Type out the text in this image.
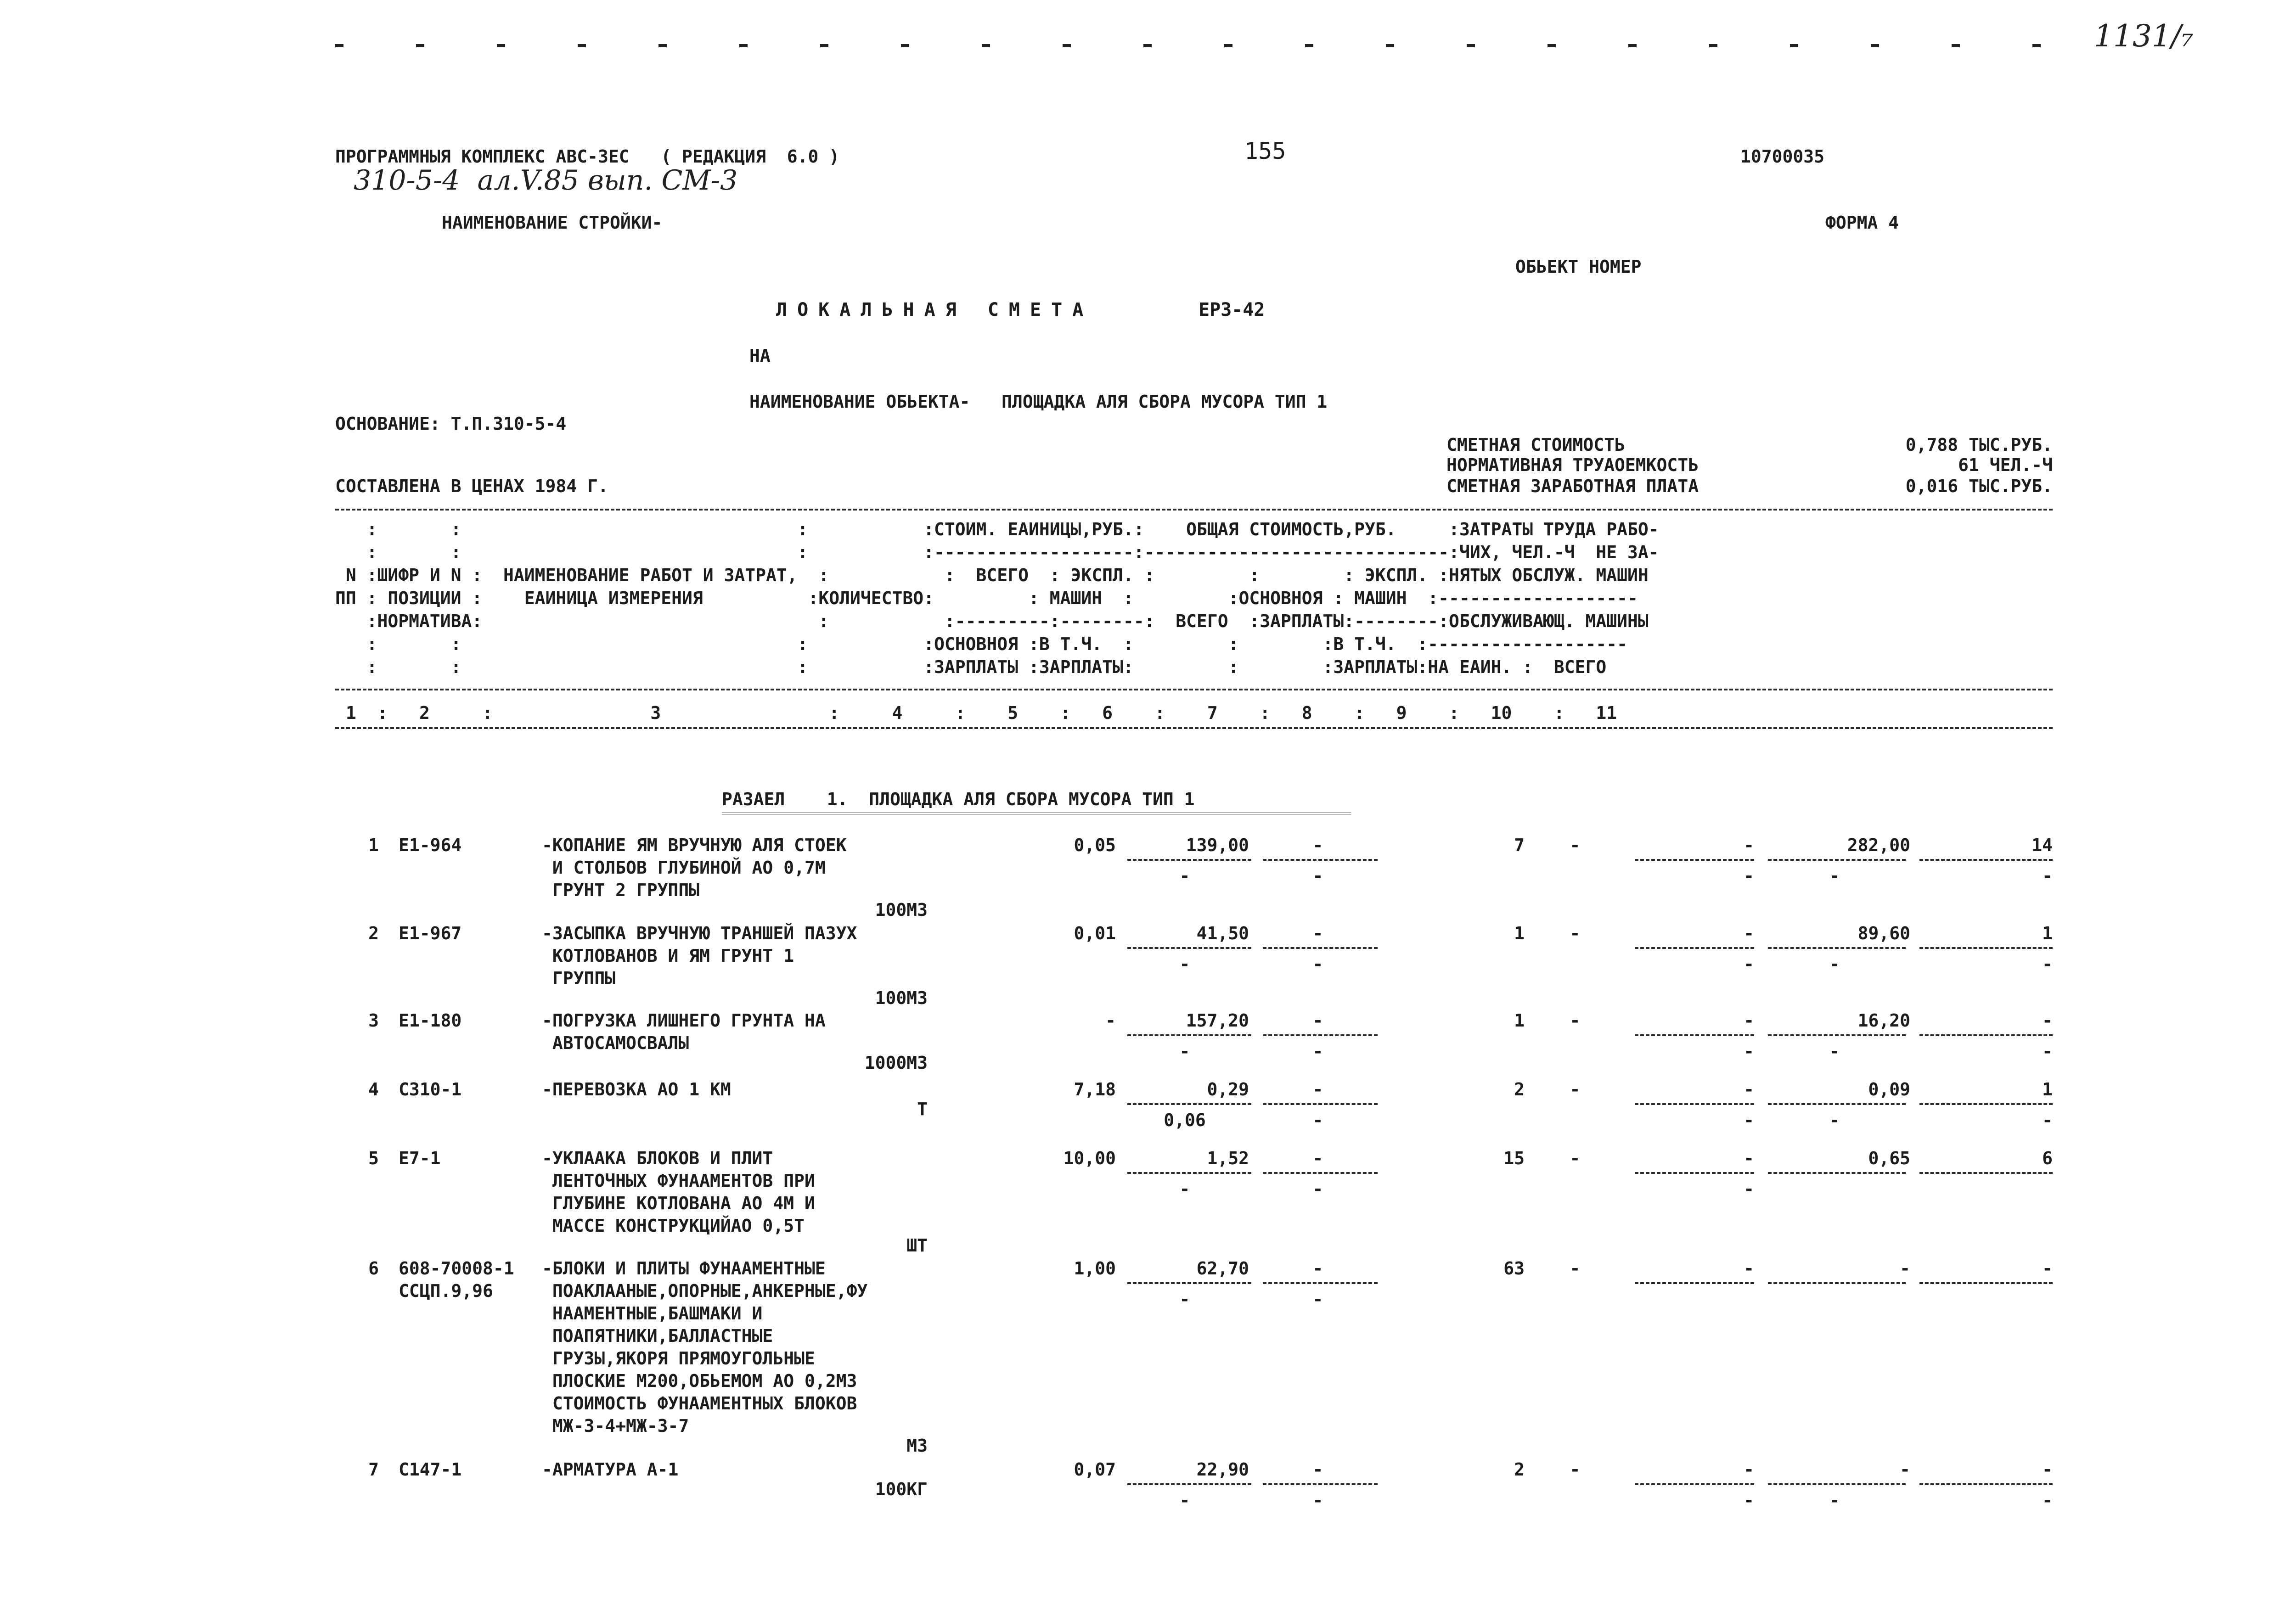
1131/₇
ПРОГРАММНЫЯ КОМПЛЕКС АВС-3ЕС   ( РЕДАКЦИЯ  6.0 )	155	10700035
310-5-4  ал.V.85 вып. СМ-3
НАИМЕНОВАНИЕ СТРОЙКИ-	ФОРМА 4
ОБЬЕКТ НОМЕР
ЛОКАЛЬНАЯ СМЕТА	ЕРЗ-42
НА
НАИМЕНОВАНИЕ ОБЬЕКТА-   ПЛОЩАДКА АЛЯ СБОРА МУСОРА ТИП 1
ОСНОВАНИЕ: Т.П.310-5-4
СМЕТНАЯ СТОИМОСТЬ	0,788 ТЫС.РУБ.
НОРМАТИВНАЯ ТРУАОЕМКОСТЬ	61 ЧЕЛ.-Ч
СМЕТНАЯ ЗАРАБОТНАЯ ПЛАТА	0,016 ТЫС.РУБ.
СОСТАВЛЕНА В ЦЕНАХ 1984 Г.
:       :                                :           :СТОИМ. ЕАИНИЦЫ,РУБ.:    ОБЩАЯ СТОИМОСТЬ,РУБ.     :ЗАТРАТЫ ТРУДА РАБО-
:       :                                :           :-------------------:-----------------------------:ЧИХ, ЧЕЛ.-Ч  НЕ ЗА-
N :ШИФР И N :  НАИМЕНОВАНИЕ РАБОТ И ЗАТРАТ,  :           :  ВСЕГО  : ЭКСПЛ. :         :        : ЭКСПЛ. :НЯТЫХ ОБСЛУЖ. МАШИН
ПП : ПОЗИЦИИ :    ЕАИНИЦА ИЗМЕРЕНИЯ          :КОЛИЧЕСТВО:         : МАШИН  :         :ОСНОВНОЯ : МАШИН  :-------------------
:НОРМАТИВА:                                :           :---------:--------:  ВСЕГО  :ЗАРПЛАТЫ:--------:ОБСЛУЖИВАЮЩ. МАШИНЫ
:       :                                :           :ОСНОВНОЯ :В Т.Ч.  :         :        :В Т.Ч.  :-------------------
:       :                                :           :ЗАРПЛАТЫ :ЗАРПЛАТЫ:         :        :ЗАРПЛАТЫ:НА ЕАИН. :  ВСЕГО
1  :   2     :               3                :     4     :    5    :   6    :    7    :   8    :   9    :   10    :   11
РАЗАЕЛ    1.  ПЛОЩАДКА АЛЯ СБОРА МУСОРА ТИП 1
1 Е1-964	-КОПАНИЕ ЯМ ВРУЧНУЮ АЛЯ СТОЕК
И СТОЛБОВ ГЛУБИНОЙ АО 0,7М
ГРУНТ 2 ГРУППЫ
100М3
0,05	139,00	-	7	-	-	282,00	14
-	-	-	-	-
2 Е1-967	-ЗАСЫПКА ВРУЧНУЮ ТРАНШЕЙ ПАЗУХ
КОТЛОВАНОВ И ЯМ ГРУНТ 1
ГРУППЫ
100М3
0,01	41,50	-	1	-	-	89,60	1
-	-	-	-	-
3 Е1-180	-ПОГРУЗКА ЛИШНЕГО ГРУНТА НА
АВТОСАМОСВАЛЫ
1000М3
-	157,20	-	1	-	-	16,20	-
-	-	-	-	-
4 С310-1	-ПЕРЕВОЗКА АО 1 КМ
Т
7,18	0,29	-	2	-	-	0,09	1
0,06	-	-	-	-
5 Е7-1	-УКЛААКА БЛОКОВ И ПЛИТ
ЛЕНТОЧНЫХ ФУНААМЕНТОВ ПРИ
ГЛУБИНЕ КОТЛОВАНА АО 4М И
МАССЕ КОНСТРУКЦИЙАО 0,5Т
ШТ
10,00	1,52	-	15	-	-	0,65	6
-	-	-
6 608-70008-1
ССЦП.9,96
-БЛОКИ И ПЛИТЫ ФУНААМЕНТНЫЕ
ПОАКЛААНЫЕ,ОПОРНЫЕ,АНКЕРНЫЕ,ФУ
НААМЕНТНЫЕ,БАШМАКИ И
ПОАПЯТНИКИ,БАЛЛАСТНЫЕ
ГРУЗЫ,ЯКОРЯ ПРЯМОУГОЛЬНЫЕ
ПЛОСКИЕ М200,ОБЬЕМОМ АО 0,2М3
СТОИМОСТЬ ФУНААМЕНТНЫХ БЛОКОВ
МЖ-3-4+МЖ-3-7
М3
1,00	62,70	-	63	-	-	-	-
-	-
7 С147-1	-АРМАТУРА А-1
100КГ
0,07	22,90	-	2	-	-	-	-
-	-	-	-	-
